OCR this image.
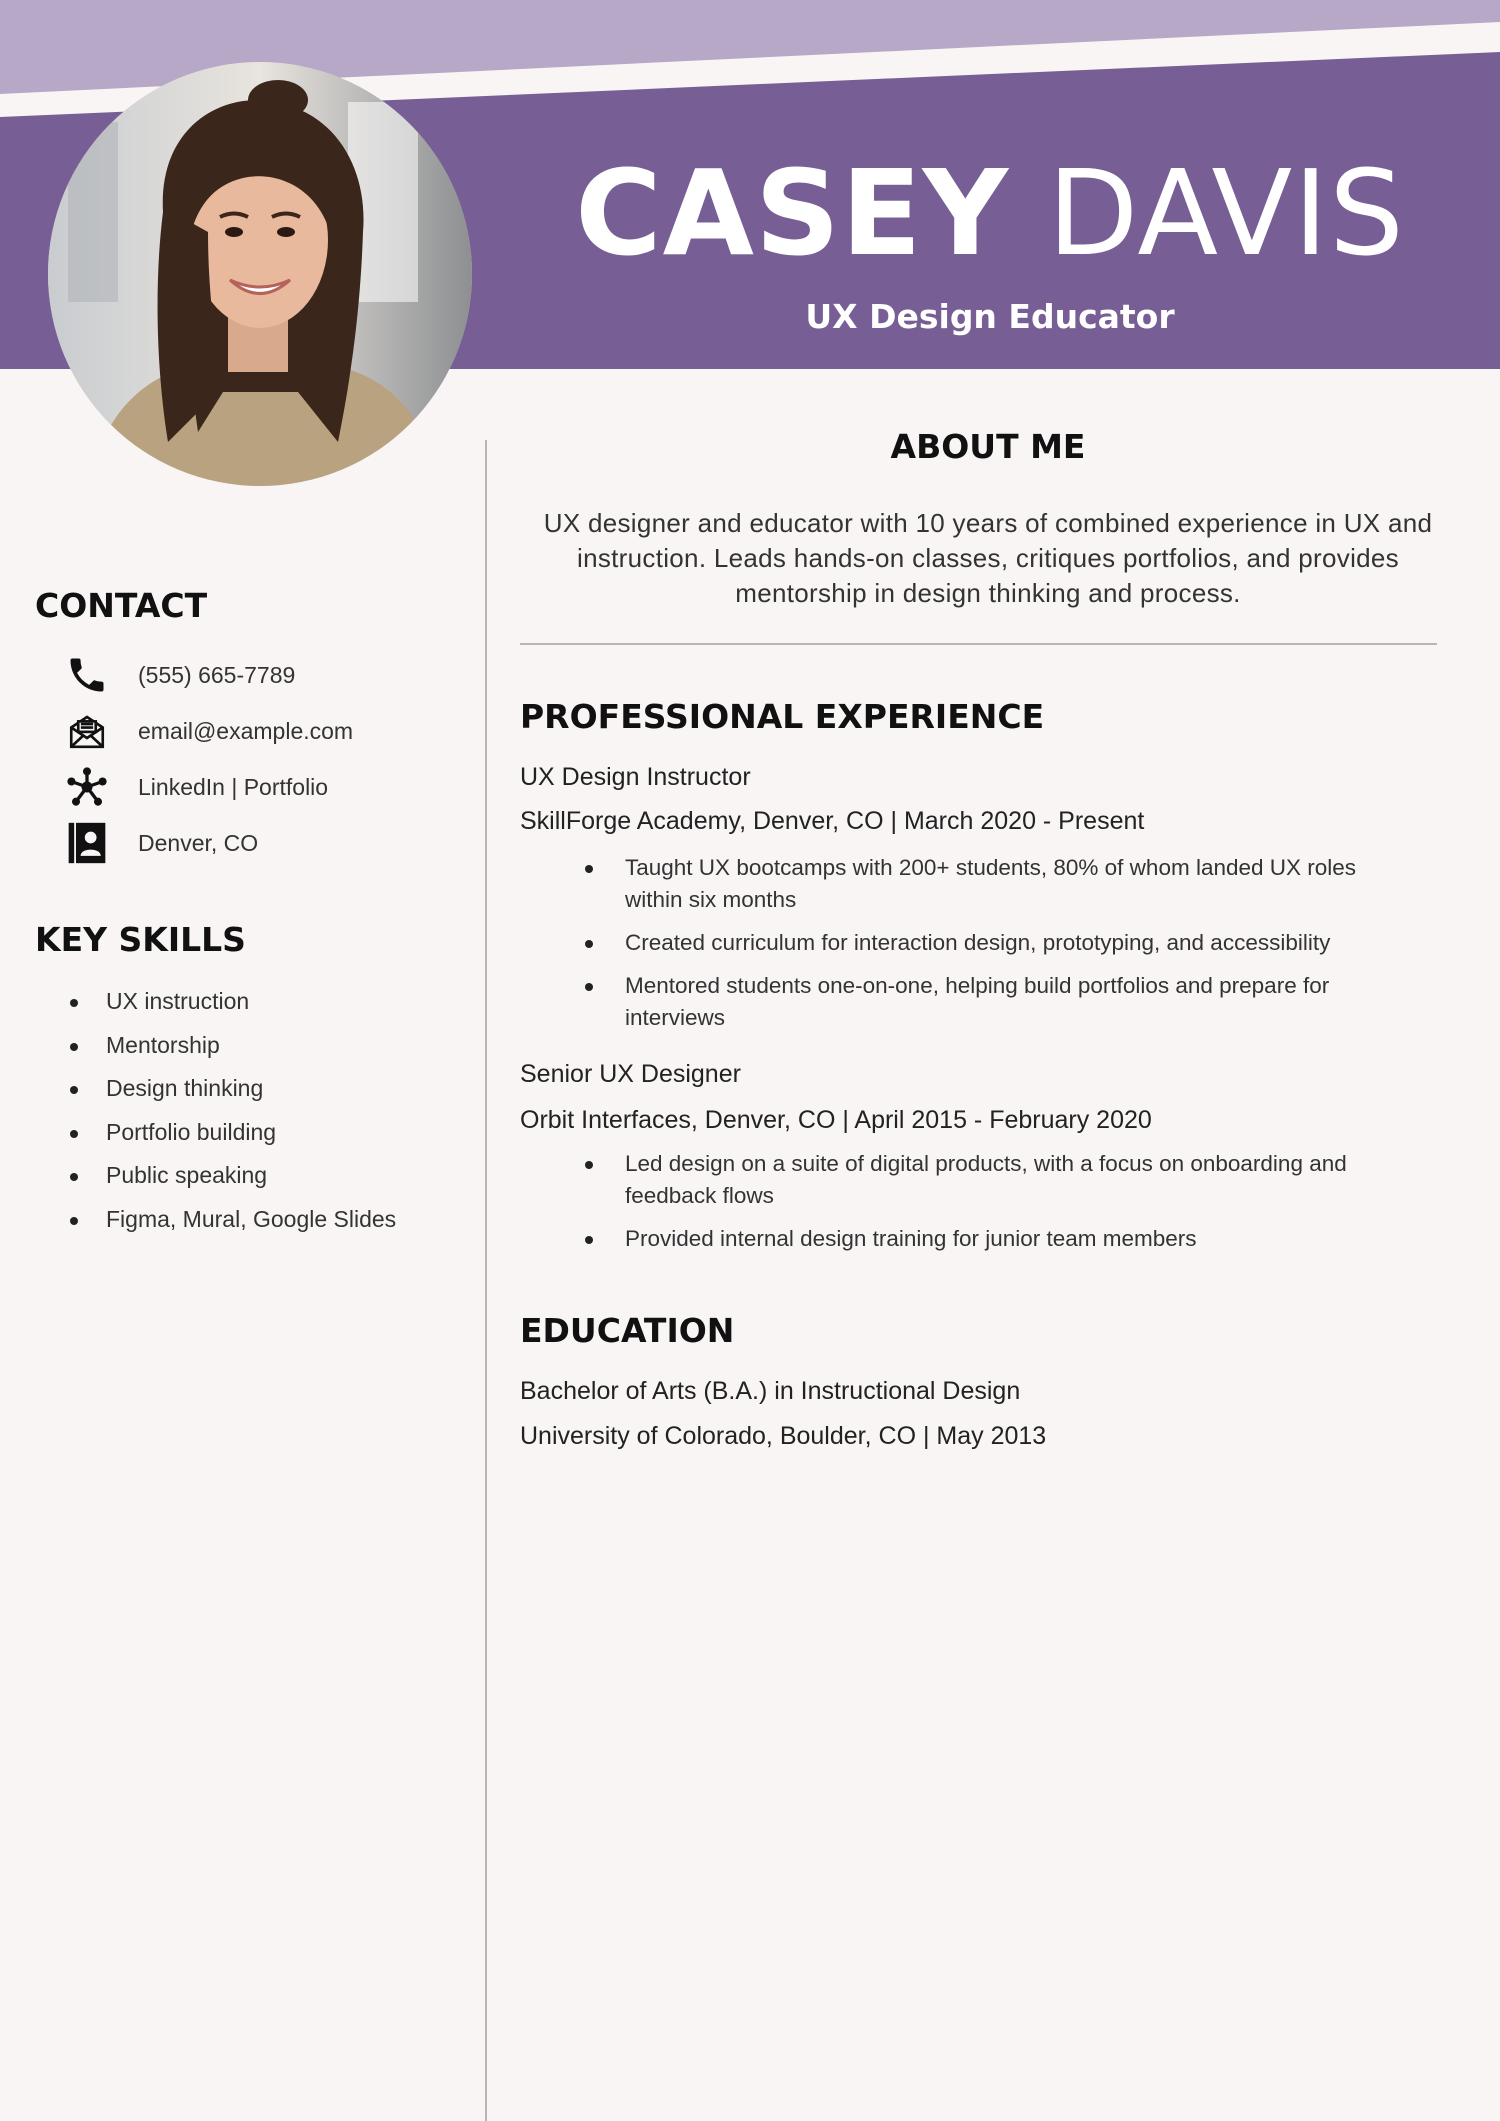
CASEY DAVIS
UX Design Educator
CONTACT
(555) 665-7789
email@example.com
LinkedIn | Portfolio
Denver, CO
KEY SKILLS
UX instruction
Mentorship
Design thinking
Portfolio building
Public speaking
Figma, Mural, Google Slides
ABOUT ME

UX designer and educator with 10 years of combined experience in UX and instruction. Leads hands-on classes, critiques portfolios, and provides mentorship in design thinking and process.

PROFESSIONAL EXPERIENCE

UX Design Instructor

SkillForge Academy, Denver, CO | March 2020 - Present

Taught UX bootcamps with 200+ students, 80% of whom landed UX roles within six months
Created curriculum for interaction design, prototyping, and accessibility
Mentored students one-on-one, helping build portfolios and prepare for interviews

Senior UX Designer

Orbit Interfaces, Denver, CO | April 2015 - February 2020

Led design on a suite of digital products, with a focus on onboarding and feedback flows
Provided internal design training for junior team members
EDUCATION

Bachelor of Arts (B.A.) in Instructional Design

University of Colorado, Boulder, CO | May 2013
